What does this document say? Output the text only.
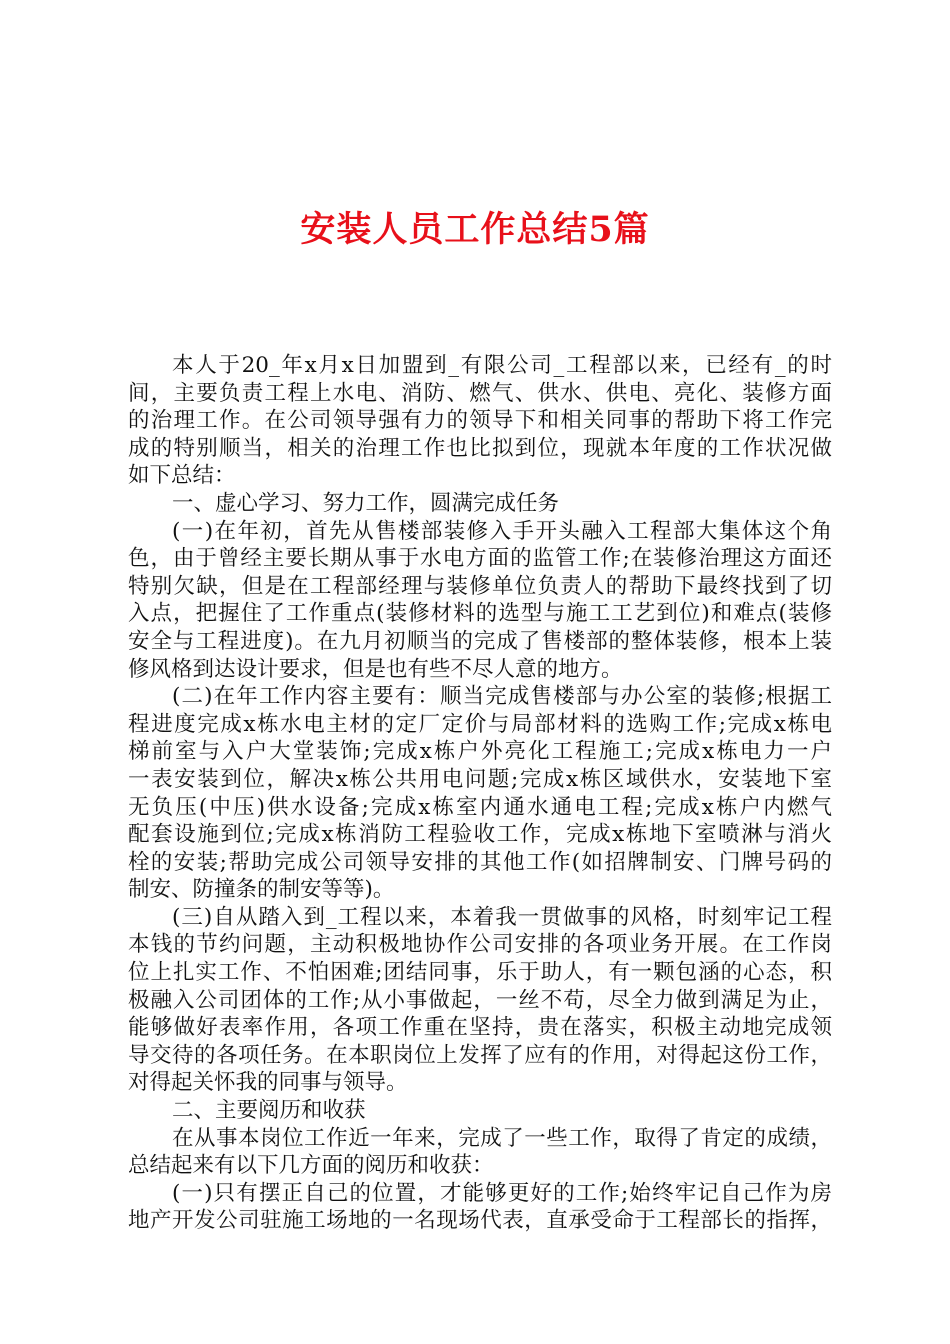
安装人员工作总结5篇
本人于20_年x月x日加盟到_有限公司_工程部以来，已经有_的时
间，主要负责工程上水电、消防、燃气、供水、供电、亮化、装修方面
的治理工作。在公司领导强有力的领导下和相关同事的帮助下将工作完
成的特别顺当，相关的治理工作也比拟到位，现就本年度的工作状况做
如下总结：
一、虚心学习、努力工作，圆满完成任务
(一)在年初，首先从售楼部装修入手开头融入工程部大集体这个角
色，由于曾经主要长期从事于水电方面的监管工作;在装修治理这方面还
特别欠缺，但是在工程部经理与装修单位负责人的帮助下最终找到了切
入点，把握住了工作重点(装修材料的选型与施工工艺到位)和难点(装修
安全与工程进度)。在九月初顺当的完成了售楼部的整体装修，根本上装
修风格到达设计要求，但是也有些不尽人意的地方。
(二)在年工作内容主要有：顺当完成售楼部与办公室的装修;根据工
程进度完成x栋水电主材的定厂定价与局部材料的选购工作;完成x栋电
梯前室与入户大堂装饰;完成x栋户外亮化工程施工;完成x栋电力一户
一表安装到位，解决x栋公共用电问题;完成x栋区域供水，安装地下室
无负压(中压)供水设备;完成x栋室内通水通电工程;完成x栋户内燃气
配套设施到位;完成x栋消防工程验收工作，完成x栋地下室喷淋与消火
栓的安装;帮助完成公司领导安排的其他工作(如招牌制安、门牌号码的
制安、防撞条的制安等等)。
(三)自从踏入到_工程以来，本着我一贯做事的风格，时刻牢记工程
本钱的节约问题，主动积极地协作公司安排的各项业务开展。在工作岗
位上扎实工作、不怕困难;团结同事，乐于助人，有一颗包涵的心态，积
极融入公司团体的工作;从小事做起，一丝不苟，尽全力做到满足为止，
能够做好表率作用，各项工作重在坚持，贵在落实，积极主动地完成领
导交待的各项任务。在本职岗位上发挥了应有的作用，对得起这份工作，
对得起关怀我的同事与领导。
二、主要阅历和收获
在从事本岗位工作近一年来，完成了一些工作，取得了肯定的成绩，
总结起来有以下几方面的阅历和收获：
(一)只有摆正自己的位置，才能够更好的工作;始终牢记自己作为房
地产开发公司驻施工场地的一名现场代表，直承受命于工程部长的指挥，
